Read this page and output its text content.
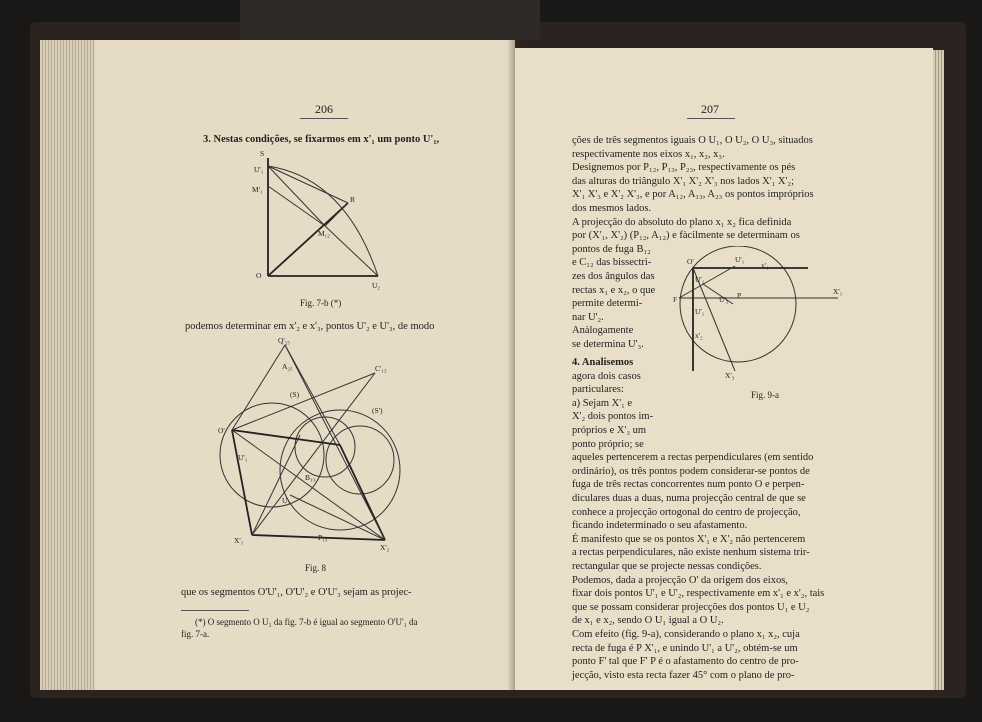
206
3. Nestas condições, se fixarmos em x'₁ um ponto U'₁,
S
U'₁
M'₁
R
M₁₂
O
U₂
Fig. 7-b (*)
podemos determinar em x'₂ e x'₃, pontos U'₂ e U'₃, de modo
Q'₂₅
A₂₅	C'₁₃
(S)
(S')
O'
U'₁
X'₁
U₂
B₁₃
P₁₃
X'₂
Fig. 8
que os segmentos O'U'₁, O'U'₂ e O'U'₃ sejam as projec-
(*) O segmento O U₁ da fig. 7-b é igual ao segmento O'U'₁ da
fig. 7-a.
207
ções de três segmentos iguais O U₁, O U₂, O U₃, situados
respectivamente nos eixos x₁, x₂, x₃.
Designemos por P₁₂, P₁₃, P₂₃, respectivamente os pés
das alturas do triângulo X'₁ X'₂ X'₃ nos lados X'₁ X'₂;
X'₁ X'₃ e X'₂ X'₃, e por A₁₂, A₁₃, A₂₃ os pontos impróprios
dos mesmos lados.
A projecção do absoluto do plano x₁ x₂ fica definida
por (X'₁, X'₂) (P₁₂, A₁₂) e fàcilmente se determinam os
pontos de fuga B₁₂
e C₁₂ das bissectri-
zes dos ângulos das
rectas x₁ e x₂, o que
permite determi-
nar U'₂.
Anàlogamente
se determina U'₃.
4. Analisemos
agora dois casos
particulares:
a) Sejam X'₁ e
X'₂ dois pontos im-
próprios e X'₃ um
ponto próprio; se
O'	U'₁
x'₁
U'₂
F	U'₃ P
U'₁
x'₂
X'₁
X'₃
Fig. 9-a
aqueles pertencerem a rectas perpendiculares (em sentido
ordinário), os três pontos podem considerar-se pontos de
fuga de três rectas concorrentes num ponto O e perpen-
diculares duas a duas, numa projecção central de que se
conhece a projecção ortogonal do centro de projecção,
ficando indeterminado o seu afastamento.
É manifesto que se os pontos X'₁ e X'₂ não pertencerem
a rectas perpendiculares, não existe nenhum sistema trir-
rectangular que se projecte nessas condições.
Podemos, dada a projecção O' da origem dos eixos,
fixar dois pontos U'₁ e U'₂, respectivamente em x'₁ e x'₂, tais
que se possam considerar projecções dos pontos U₁ e U₂
de x₁ e x₂, sendo O U₁ igual a O U₂.
Com efeito (fig. 9-a), considerando o plano x₁ x₂, cuja
recta de fuga é P X'₁, e unindo U'₁ a U'₂, obtém-se um
ponto F' tal que F' P é o afastamento do centro de pro-
jecção, visto esta recta fazer 45° com o plano de pro-
